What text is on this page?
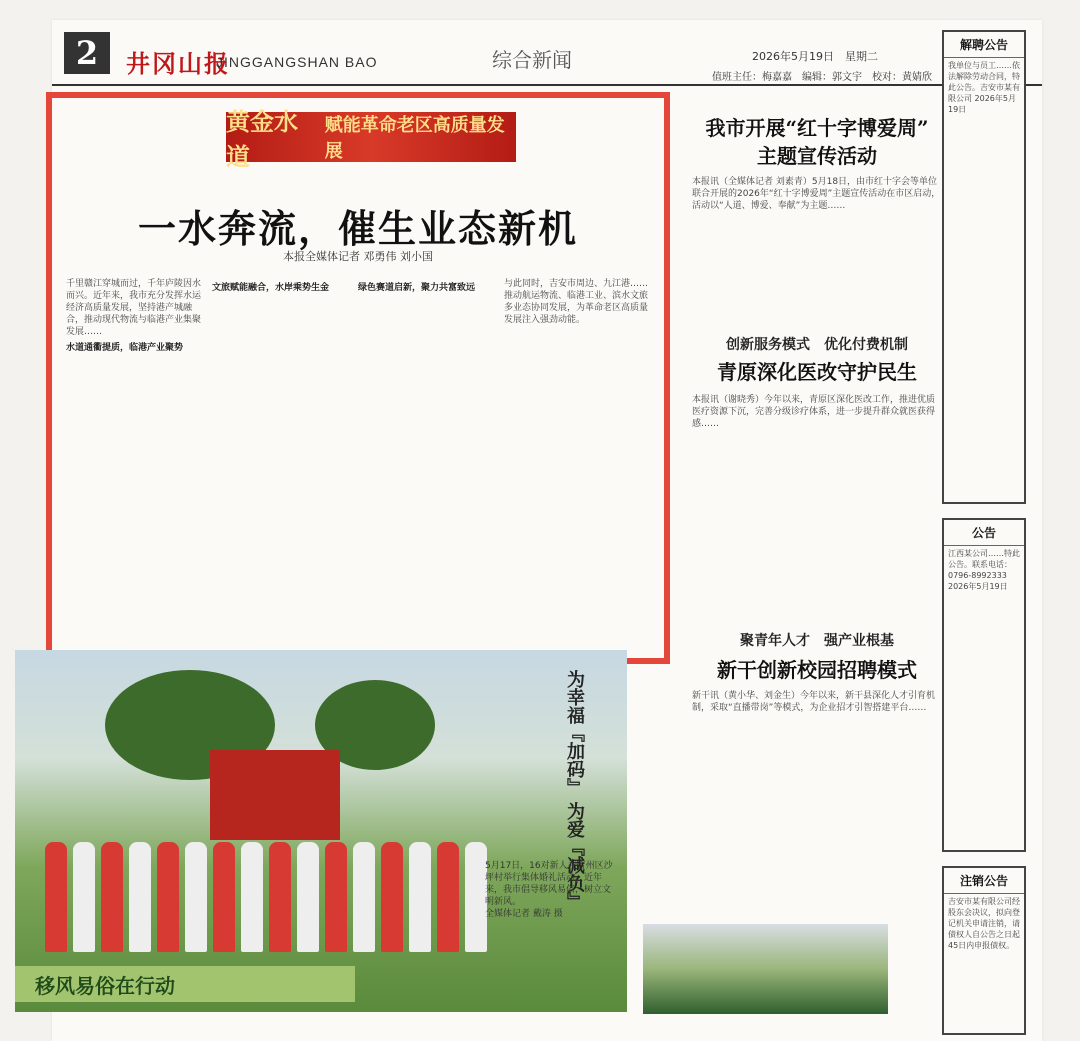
2	井冈山报
JINGGANGSHAN BAO	综合新闻	2026年5月19日　星期二
值班主任：梅嘉嘉　编辑：郭文宇　校对：黄婧欣
黄金水道
赋能革命老区高质量发展
一水奔流，催生业态新机
本报全媒体记者 邓勇伟 刘小国
千里赣江穿城而过，千年庐陵因水而兴。近年来，我市充分发挥水运经济高质量发展，坚持港产城融合，推动现代物流与临港产业集聚发展……
水道通衢提质，临港产业聚势
文旅赋能融合，水岸乘势生金	绿色赛道启新，聚力共富致远	与此同时，吉安市周边、九江港……推动航运物流、临港工业、滨水文旅多业态协同发展，为革命老区高质量发展注入强劲动能。
我市开展“红十字博爱周”
主题宣传活动
本报讯（全媒体记者 刘素青）5月18日，由市红十字会等单位联合开展的2026年“红十字博爱周”主题宣传活动在市区启动，活动以“人道、博爱、奉献”为主题……
创新服务模式　优化付费机制
青原深化医改守护民生
本报讯（谢晓秀）今年以来，青原区深化医改工作，推进优质医疗资源下沉，完善分级诊疗体系，进一步提升群众就医获得感……
聚青年人才　强产业根基
新干创新校园招聘模式
新干讯（黄小华、刘金生）今年以来，新干县深化人才引育机制，采取“直播带岗”等模式，为企业招才引智搭建平台……
为幸福『加码』 为爱『减负』
5月17日，16对新人在吉州区沙坪村举行集体婚礼活动。近年来，我市倡导移风易俗，树立文明新风。
全媒体记者 戴涛 摄
移风易俗在行动
解聘公告
我单位与员工……依法解除劳动合同，特此公告。吉安市某有限公司 2026年5月19日
公告
江西某公司……特此公告。联系电话：0796-8992333 2026年5月19日
注销公告
吉安市某有限公司经股东会决议，拟向登记机关申请注销，请债权人自公告之日起45日内申报债权。
